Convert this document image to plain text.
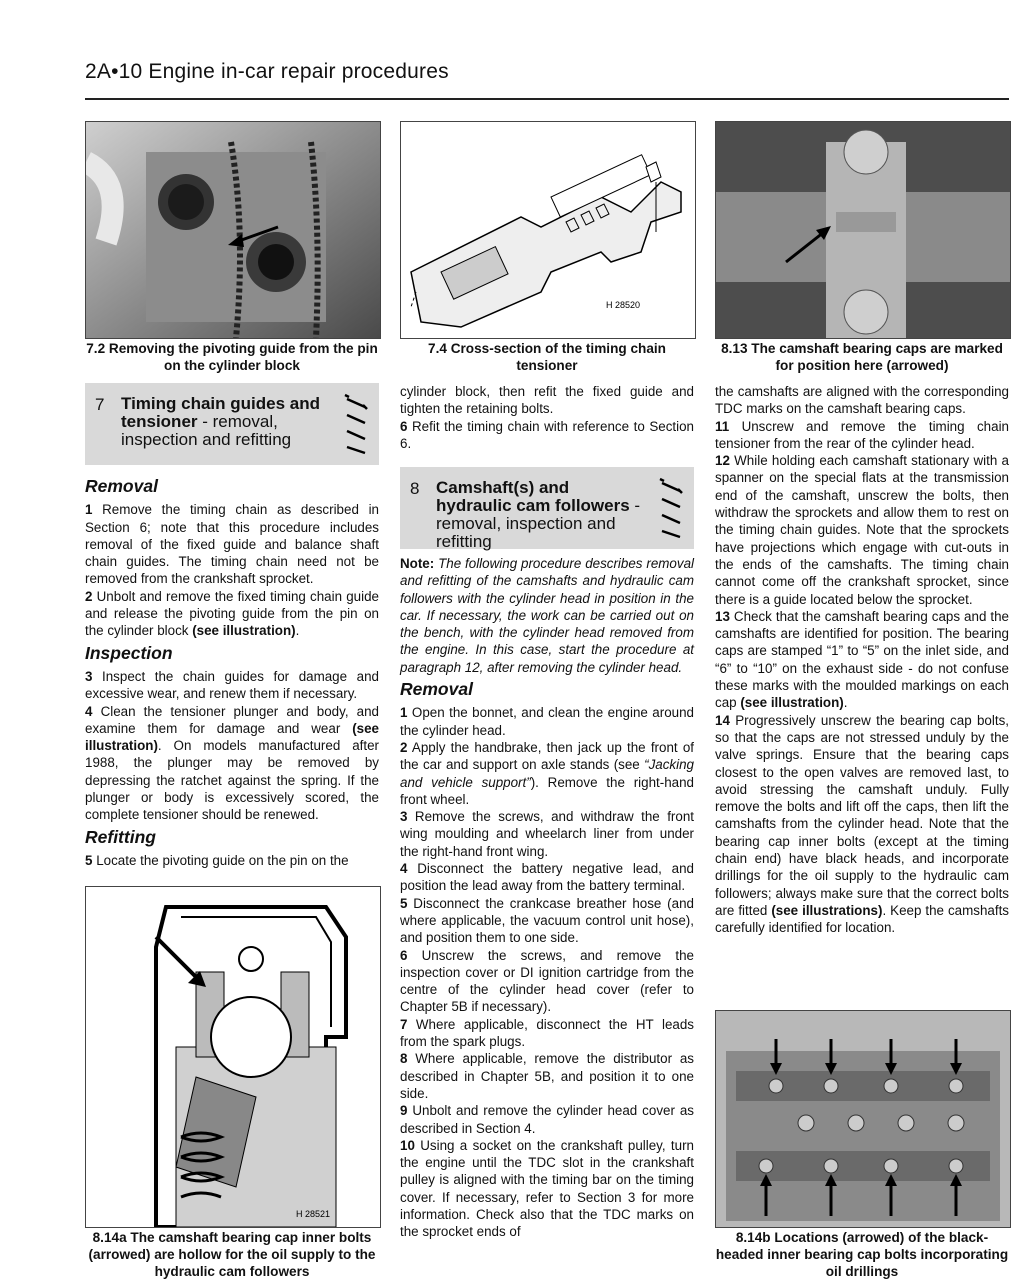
2A•10 Engine in-car repair procedures
7.2 Removing the pivoting guide from the pin on the cylinder block
H 28520
7.4 Cross-section of the timing chain tensioner
8.13 The camshaft bearing caps are marked for position here (arrowed)
7 Timing chain guides and tensioner - removal, inspection and refitting
Removal

1 Remove the timing chain as described in Section 6; note that this procedure includes removal of the fixed guide and balance shaft chain guides. The timing chain need not be removed from the crankshaft sprocket.

2 Unbolt and remove the fixed timing chain guide and release the pivoting guide from the pin on the cylinder block (see illustration).

Inspection

3 Inspect the chain guides for damage and excessive wear, and renew them if necessary.

4 Clean the tensioner plunger and body, and examine them for damage and wear (see illustration). On models manufactured after 1988, the plunger may be removed by depressing the ratchet against the spring. If the plunger or body is excessively scored, the complete tensioner should be renewed.

Refitting

5 Locate the pivoting guide on the pin on the

H 28521
8.14a The camshaft bearing cap inner bolts (arrowed) are hollow for the oil supply to the hydraulic cam followers

cylinder block, then refit the fixed guide and tighten the retaining bolts.

6 Refit the timing chain with reference to Section 6.

8 Camshaft(s) and hydraulic cam followers - removal, inspection and refitting

Note: The following procedure describes removal and refitting of the camshafts and hydraulic cam followers with the cylinder head in position in the car. If necessary, the work can be carried out on the bench, with the cylinder head removed from the engine. In this case, start the procedure at paragraph 12, after removing the cylinder head.

Removal

1 Open the bonnet, and clean the engine around the cylinder head.

2 Apply the handbrake, then jack up the front of the car and support on axle stands (see “Jacking and vehicle support”). Remove the right-hand front wheel.

3 Remove the screws, and withdraw the front wing moulding and wheelarch liner from under the right-hand front wing.

4 Disconnect the battery negative lead, and position the lead away from the battery terminal.

5 Disconnect the crankcase breather hose (and where applicable, the vacuum control unit hose), and position them to one side.

6 Unscrew the screws, and remove the inspection cover or DI ignition cartridge from the centre of the cylinder head cover (refer to Chapter 5B if necessary).

7 Where applicable, disconnect the HT leads from the spark plugs.

8 Where applicable, remove the distributor as described in Chapter 5B, and position it to one side.

9 Unbolt and remove the cylinder head cover as described in Section 4.

10 Using a socket on the crankshaft pulley, turn the engine until the TDC slot in the crankshaft pulley is aligned with the timing bar on the timing cover. If necessary, refer to Section 3 for more information. Check also that the TDC marks on the sprocket ends of

the camshafts are aligned with the corresponding TDC marks on the camshaft bearing caps.

11 Unscrew and remove the timing chain tensioner from the rear of the cylinder head.

12 While holding each camshaft stationary with a spanner on the special flats at the transmission end of the camshaft, unscrew the bolts, then withdraw the sprockets and allow them to rest on the timing chain guides. Note that the sprockets have projections which engage with cut-outs in the ends of the camshafts. The timing chain cannot come off the crankshaft sprocket, since there is a guide located below the sprocket.

13 Check that the camshaft bearing caps and the camshafts are identified for position. The bearing caps are stamped “1” to “5” on the inlet side, and “6” to “10” on the exhaust side - do not confuse these marks with the moulded markings on each cap (see illustration).

14 Progressively unscrew the bearing cap bolts, so that the caps are not stressed unduly by the valve springs. Ensure that the bearing caps closest to the open valves are removed last, to avoid stressing the camshaft unduly. Fully remove the bolts and lift off the caps, then lift the camshafts from the cylinder head. Note that the bearing cap inner bolts (except at the timing chain end) have black heads, and incorporate drillings for the oil supply to the hydraulic cam followers; always make sure that the correct bolts are fitted (see illustrations). Keep the camshafts carefully identified for location.

8.14b Locations (arrowed) of the black-headed inner bearing cap bolts incorporating oil drillings
